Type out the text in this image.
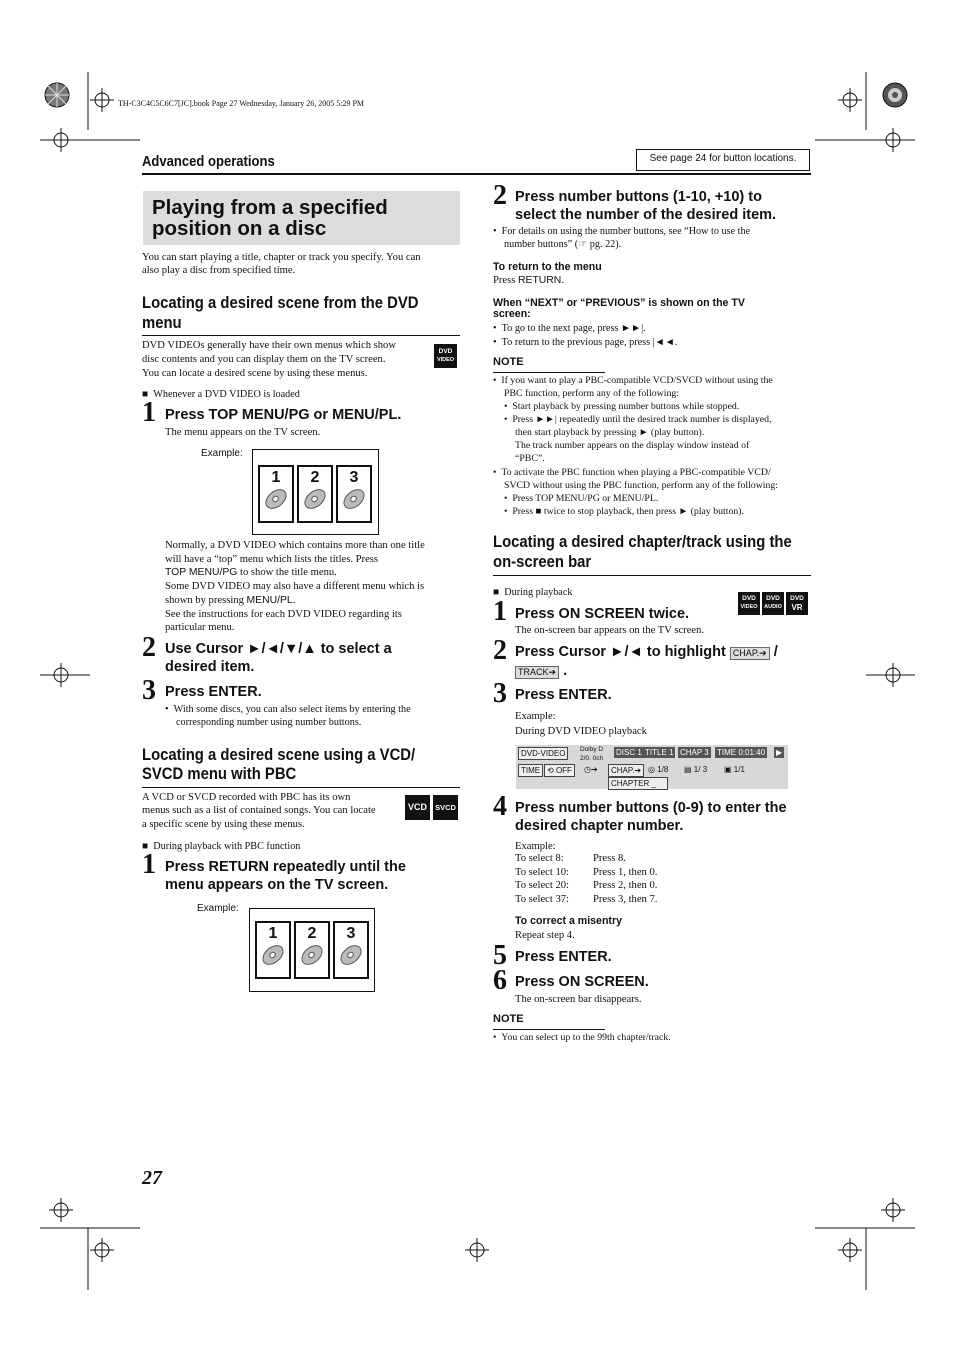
TH-C3C4C5C6C7[JC].book Page 27 Wednesday, January 26, 2005 5:29 PM
Advanced operations	See page 24 for button locations.
Playing from a specified
position on a disc
You can start playing a title, chapter or track you specify. You can
also play a disc from specified time.
Locating a desired scene from the DVD
menu
DVD VIDEOs generally have their own menus which show
disc contents and you can display them on the TV screen.
You can locate a desired scene by using these menus.
DVD
VIDEO
■  Whenever a DVD VIDEO is loaded
1 Press TOP MENU/PG or MENU/PL.
The menu appears on the TV screen.
Example:
1	2	3
Normally, a DVD VIDEO which contains more than one title
will have a “top” menu which lists the titles. Press
TOP MENU/PG to show the title menu.
Some DVD VIDEO may also have a different menu which is
shown by pressing MENU/PL.
See the instructions for each DVD VIDEO regarding its
particular menu.
2 Use Cursor ►/◄/▼/▲ to select a
desired item.
3 Press ENTER.
•  With some discs, you can also select items by entering the
corresponding number using number buttons.
Locating a desired scene using a VCD/
SVCD menu with PBC
A VCD or SVCD recorded with PBC has its own
menus such as a list of contained songs. You can locate
a specific scene by using these menus.
VCD	SVCD
■  During playback with PBC function
1 Press RETURN repeatedly until the
menu appears on the TV screen.
Example:
1	2	3
2 Press number buttons (1-10, +10) to
select the number of the desired item.
•  For details on using the number buttons, see “How to use the
number buttons” (☞ pg. 22).
To return to the menu
Press RETURN.
When “NEXT” or “PREVIOUS” is shown on the TV
screen:
•  To go to the next page, press ►►|.
•  To return to the previous page, press |◄◄.
NOTE
•  If you want to play a PBC-compatible VCD/SVCD without using the
PBC function, perform any of the following:
•  Start playback by pressing number buttons while stopped.
•  Press ►►| repeatedly until the desired track number is displayed,
then start playback by pressing ► (play button).
The track number appears on the display window instead of
“PBC”.
•  To activate the PBC function when playing a PBC-compatible VCD/
SVCD without using the PBC function, perform any of the following:
•  Press TOP MENU/PG or MENU/PL.
•  Press ■ twice to stop playback, then press ► (play button).
Locating a desired chapter/track using the
on-screen bar
■  During playback
DVD
VIDEO
DVD
AUDIO
DVD
VR
1 Press ON SCREEN twice.
The on-screen bar appears on the TV screen.
2 Press Cursor ►/◄ to highlight CHAP.➔ /
TRACK➔ .
3 Press ENTER.
Example:
During DVD VIDEO playback
DVD-VIDEO	Dolby D
2/0. 0ch
DISC 1 TITLE 1 CHAP 3 TIME 0:01:40 ▶
TIME ⟲ OFF	◷➔	CHAP.➔ ◎ 1/8 ▤ 1/ 3 ▣ 1/1
CHAPTER _
4 Press number buttons (0-9) to enter the
desired chapter number.
Example:
To select 8:	Press 8.
To select 10: Press 1, then 0.
To select 20: Press 2, then 0.
To select 37: Press 3, then 7.
To correct a misentry
Repeat step 4.
5 Press ENTER.
6 Press ON SCREEN.
The on-screen bar disappears.
NOTE
•  You can select up to the 99th chapter/track.
27
